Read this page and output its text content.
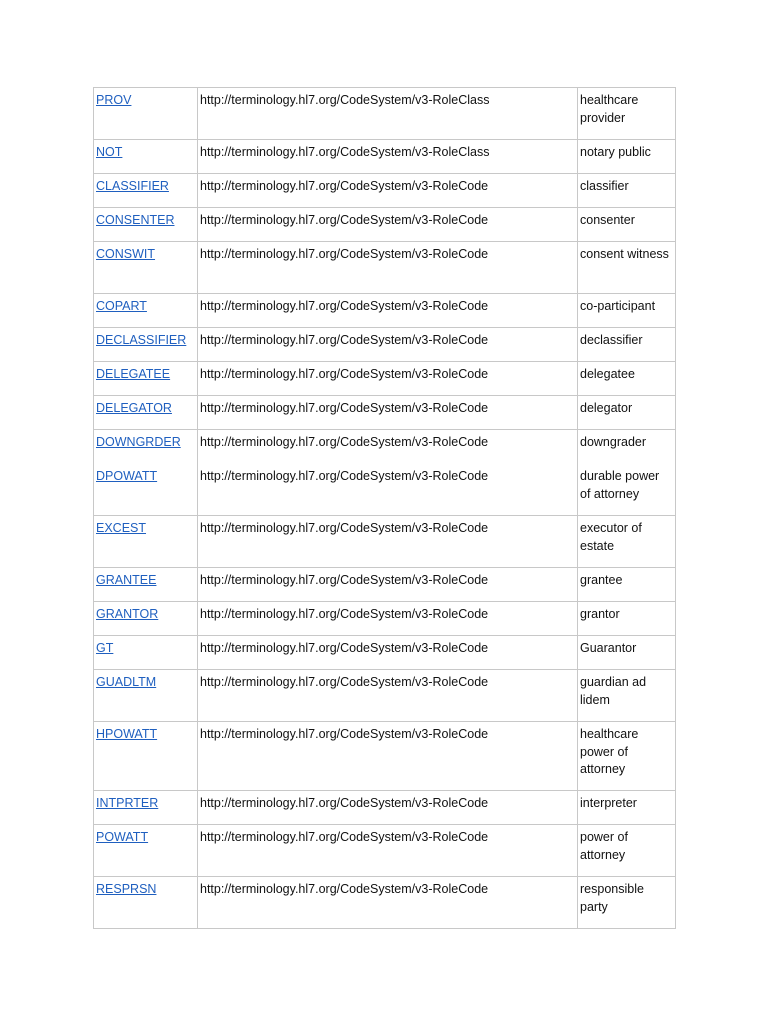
PROV	http://terminology.hl7.org/CodeSystem/v3-RoleClass	healthcare provider
NOT	http://terminology.hl7.org/CodeSystem/v3-RoleClass	notary public
CLASSIFIER	http://terminology.hl7.org/CodeSystem/v3-RoleCode	classifier
CONSENTER	http://terminology.hl7.org/CodeSystem/v3-RoleCode	consenter
CONSWIT	http://terminology.hl7.org/CodeSystem/v3-RoleCode	consent witness
COPART	http://terminology.hl7.org/CodeSystem/v3-RoleCode	co-participant
DECLASSIFIER	http://terminology.hl7.org/CodeSystem/v3-RoleCode	declassifier
DELEGATEE	http://terminology.hl7.org/CodeSystem/v3-RoleCode	delegatee
DELEGATOR	http://terminology.hl7.org/CodeSystem/v3-RoleCode	delegator
DOWNGRDER	http://terminology.hl7.org/CodeSystem/v3-RoleCode	downgrader
DPOWATT	http://terminology.hl7.org/CodeSystem/v3-RoleCode	durable power of attorney
EXCEST	http://terminology.hl7.org/CodeSystem/v3-RoleCode	executor of estate
GRANTEE	http://terminology.hl7.org/CodeSystem/v3-RoleCode	grantee
GRANTOR	http://terminology.hl7.org/CodeSystem/v3-RoleCode	grantor
GT	http://terminology.hl7.org/CodeSystem/v3-RoleCode	Guarantor
GUADLTM	http://terminology.hl7.org/CodeSystem/v3-RoleCode	guardian ad lidem
HPOWATT	http://terminology.hl7.org/CodeSystem/v3-RoleCode	healthcare power of attorney
INTPRTER	http://terminology.hl7.org/CodeSystem/v3-RoleCode	interpreter
POWATT	http://terminology.hl7.org/CodeSystem/v3-RoleCode	power of attorney
RESPRSN	http://terminology.hl7.org/CodeSystem/v3-RoleCode	responsible party
